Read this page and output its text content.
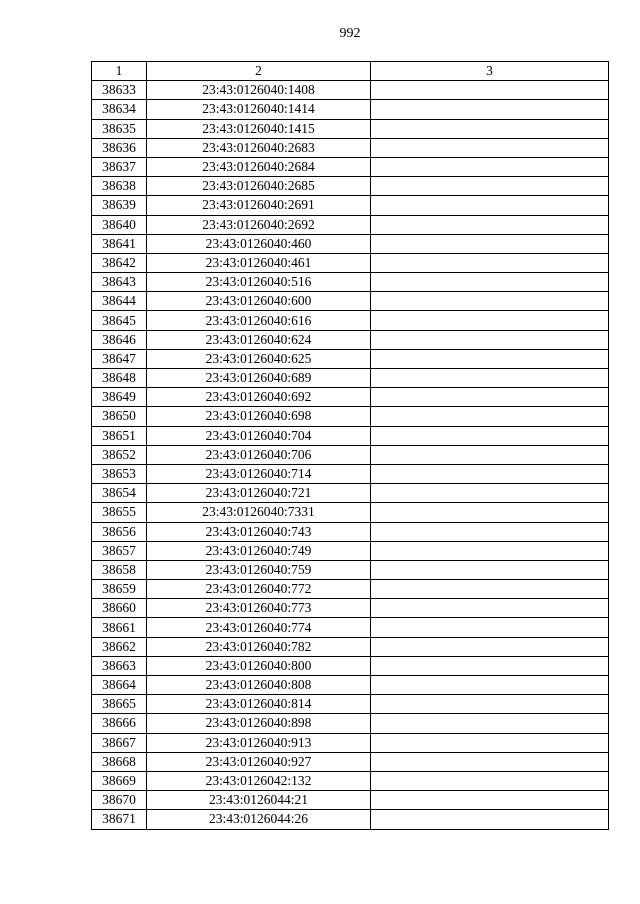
992
1	2	3
38633	23:43:0126040:1408	
38634	23:43:0126040:1414	
38635	23:43:0126040:1415	
38636	23:43:0126040:2683	
38637	23:43:0126040:2684	
38638	23:43:0126040:2685	
38639	23:43:0126040:2691	
38640	23:43:0126040:2692	
38641	23:43:0126040:460	
38642	23:43:0126040:461	
38643	23:43:0126040:516	
38644	23:43:0126040:600	
38645	23:43:0126040:616	
38646	23:43:0126040:624	
38647	23:43:0126040:625	
38648	23:43:0126040:689	
38649	23:43:0126040:692	
38650	23:43:0126040:698	
38651	23:43:0126040:704	
38652	23:43:0126040:706	
38653	23:43:0126040:714	
38654	23:43:0126040:721	
38655	23:43:0126040:7331	
38656	23:43:0126040:743	
38657	23:43:0126040:749	
38658	23:43:0126040:759	
38659	23:43:0126040:772	
38660	23:43:0126040:773	
38661	23:43:0126040:774	
38662	23:43:0126040:782	
38663	23:43:0126040:800	
38664	23:43:0126040:808	
38665	23:43:0126040:814	
38666	23:43:0126040:898	
38667	23:43:0126040:913	
38668	23:43:0126040:927	
38669	23:43:0126042:132	
38670	23:43:0126044:21	
38671	23:43:0126044:26	
